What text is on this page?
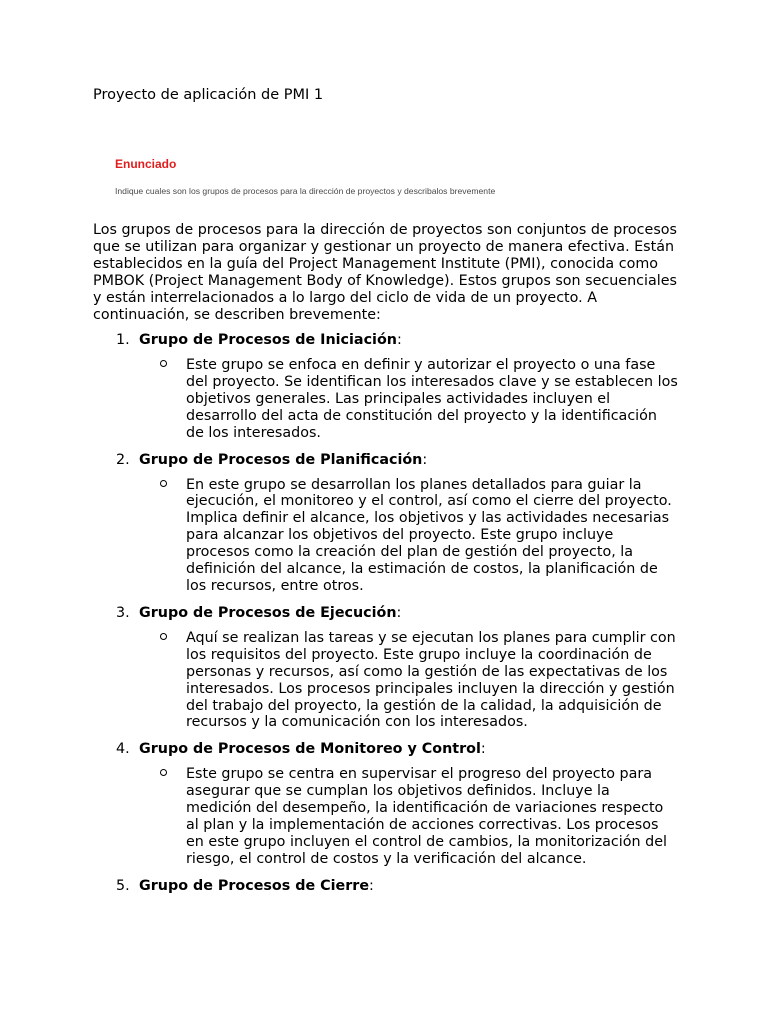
Proyecto de aplicación de PMI 1

Enunciado

Indique cuales son los grupos de procesos para la dirección de proyectos y describalos brevemente

Los grupos de procesos para la dirección de proyectos son conjuntos de procesos que se utilizan para organizar y gestionar un proyecto de manera efectiva. Están establecidos en la guía del Project Management Institute (PMI), conocida como PMBOK (Project Management Body of Knowledge). Estos grupos son secuenciales y están interrelacionados a lo largo del ciclo de vida de un proyecto. A continuación, se describen brevemente:

1. Grupo de Procesos de Iniciación:
Este grupo se enfoca en definir y autorizar el proyecto o una fase del proyecto. Se identifican los interesados clave y se establecen los objetivos generales. Las principales actividades incluyen el desarrollo del acta de constitución del proyecto y la identificación de los interesados.
2. Grupo de Procesos de Planificación:
En este grupo se desarrollan los planes detallados para guiar la ejecución, el monitoreo y el control, así como el cierre del proyecto. Implica definir el alcance, los objetivos y las actividades necesarias para alcanzar los objetivos del proyecto. Este grupo incluye procesos como la creación del plan de gestión del proyecto, la definición del alcance, la estimación de costos, la planificación de los recursos, entre otros.
3. Grupo de Procesos de Ejecución:
Aquí se realizan las tareas y se ejecutan los planes para cumplir con los requisitos del proyecto. Este grupo incluye la coordinación de personas y recursos, así como la gestión de las expectativas de los interesados. Los procesos principales incluyen la dirección y gestión del trabajo del proyecto, la gestión de la calidad, la adquisición de recursos y la comunicación con los interesados.
4. Grupo de Procesos de Monitoreo y Control:
Este grupo se centra en supervisar el progreso del proyecto para asegurar que se cumplan los objetivos definidos. Incluye la medición del desempeño, la identificación de variaciones respecto al plan y la implementación de acciones correctivas. Los procesos en este grupo incluyen el control de cambios, la monitorización del riesgo, el control de costos y la verificación del alcance.
5. Grupo de Procesos de Cierre:
